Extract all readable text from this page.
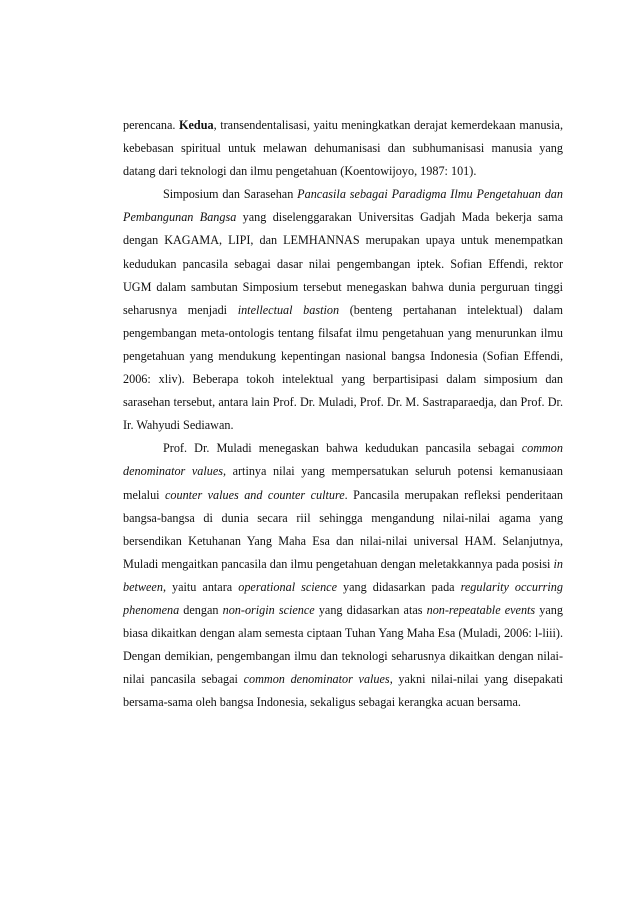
perencana. Kedua, transendentalisasi, yaitu meningkatkan derajat kemerdekaan manusia, kebebasan spiritual untuk melawan dehumanisasi dan subhumanisasi manusia yang datang dari teknologi dan ilmu pengetahuan (Koentowijoyo, 1987: 101).

Simposium dan Sarasehan Pancasila sebagai Paradigma Ilmu Pengetahuan dan Pembangunan Bangsa yang diselenggarakan Universitas Gadjah Mada bekerja sama dengan KAGAMA, LIPI, dan LEMHANNAS merupakan upaya untuk menempatkan kedudukan pancasila sebagai dasar nilai pengembangan iptek. Sofian Effendi, rektor UGM dalam sambutan Simposium tersebut menegaskan bahwa dunia perguruan tinggi seharusnya menjadi intellectual bastion (benteng pertahanan intelektual) dalam pengembangan meta-ontologis tentang filsafat ilmu pengetahuan yang menurunkan ilmu pengetahuan yang mendukung kepentingan nasional bangsa Indonesia (Sofian Effendi, 2006: xliv). Beberapa tokoh intelektual yang berpartisipasi dalam simposium dan sarasehan tersebut, antara lain Prof. Dr. Muladi, Prof. Dr. M. Sastraparaedja, dan Prof. Dr. Ir. Wahyudi Sediawan.

Prof. Dr. Muladi menegaskan bahwa kedudukan pancasila sebagai common denominator values, artinya nilai yang mempersatukan seluruh potensi kemanusiaan melalui counter values and counter culture. Pancasila merupakan refleksi penderitaan bangsa-bangsa di dunia secara riil sehingga mengandung nilai-nilai agama yang bersendikan Ketuhanan Yang Maha Esa dan nilai-nilai universal HAM. Selanjutnya, Muladi mengaitkan pancasila dan ilmu pengetahuan dengan meletakkannya pada posisi in between, yaitu antara operational science yang didasarkan pada regularity occurring phenomena dengan non-origin science yang didasarkan atas non-repeatable events yang biasa dikaitkan dengan alam semesta ciptaan Tuhan Yang Maha Esa (Muladi, 2006: l-liii). Dengan demikian, pengembangan ilmu dan teknologi seharusnya dikaitkan dengan nilai-nilai pancasila sebagai common denominator values, yakni nilai-nilai yang disepakati bersama-sama oleh bangsa Indonesia, sekaligus sebagai kerangka acuan bersama.
